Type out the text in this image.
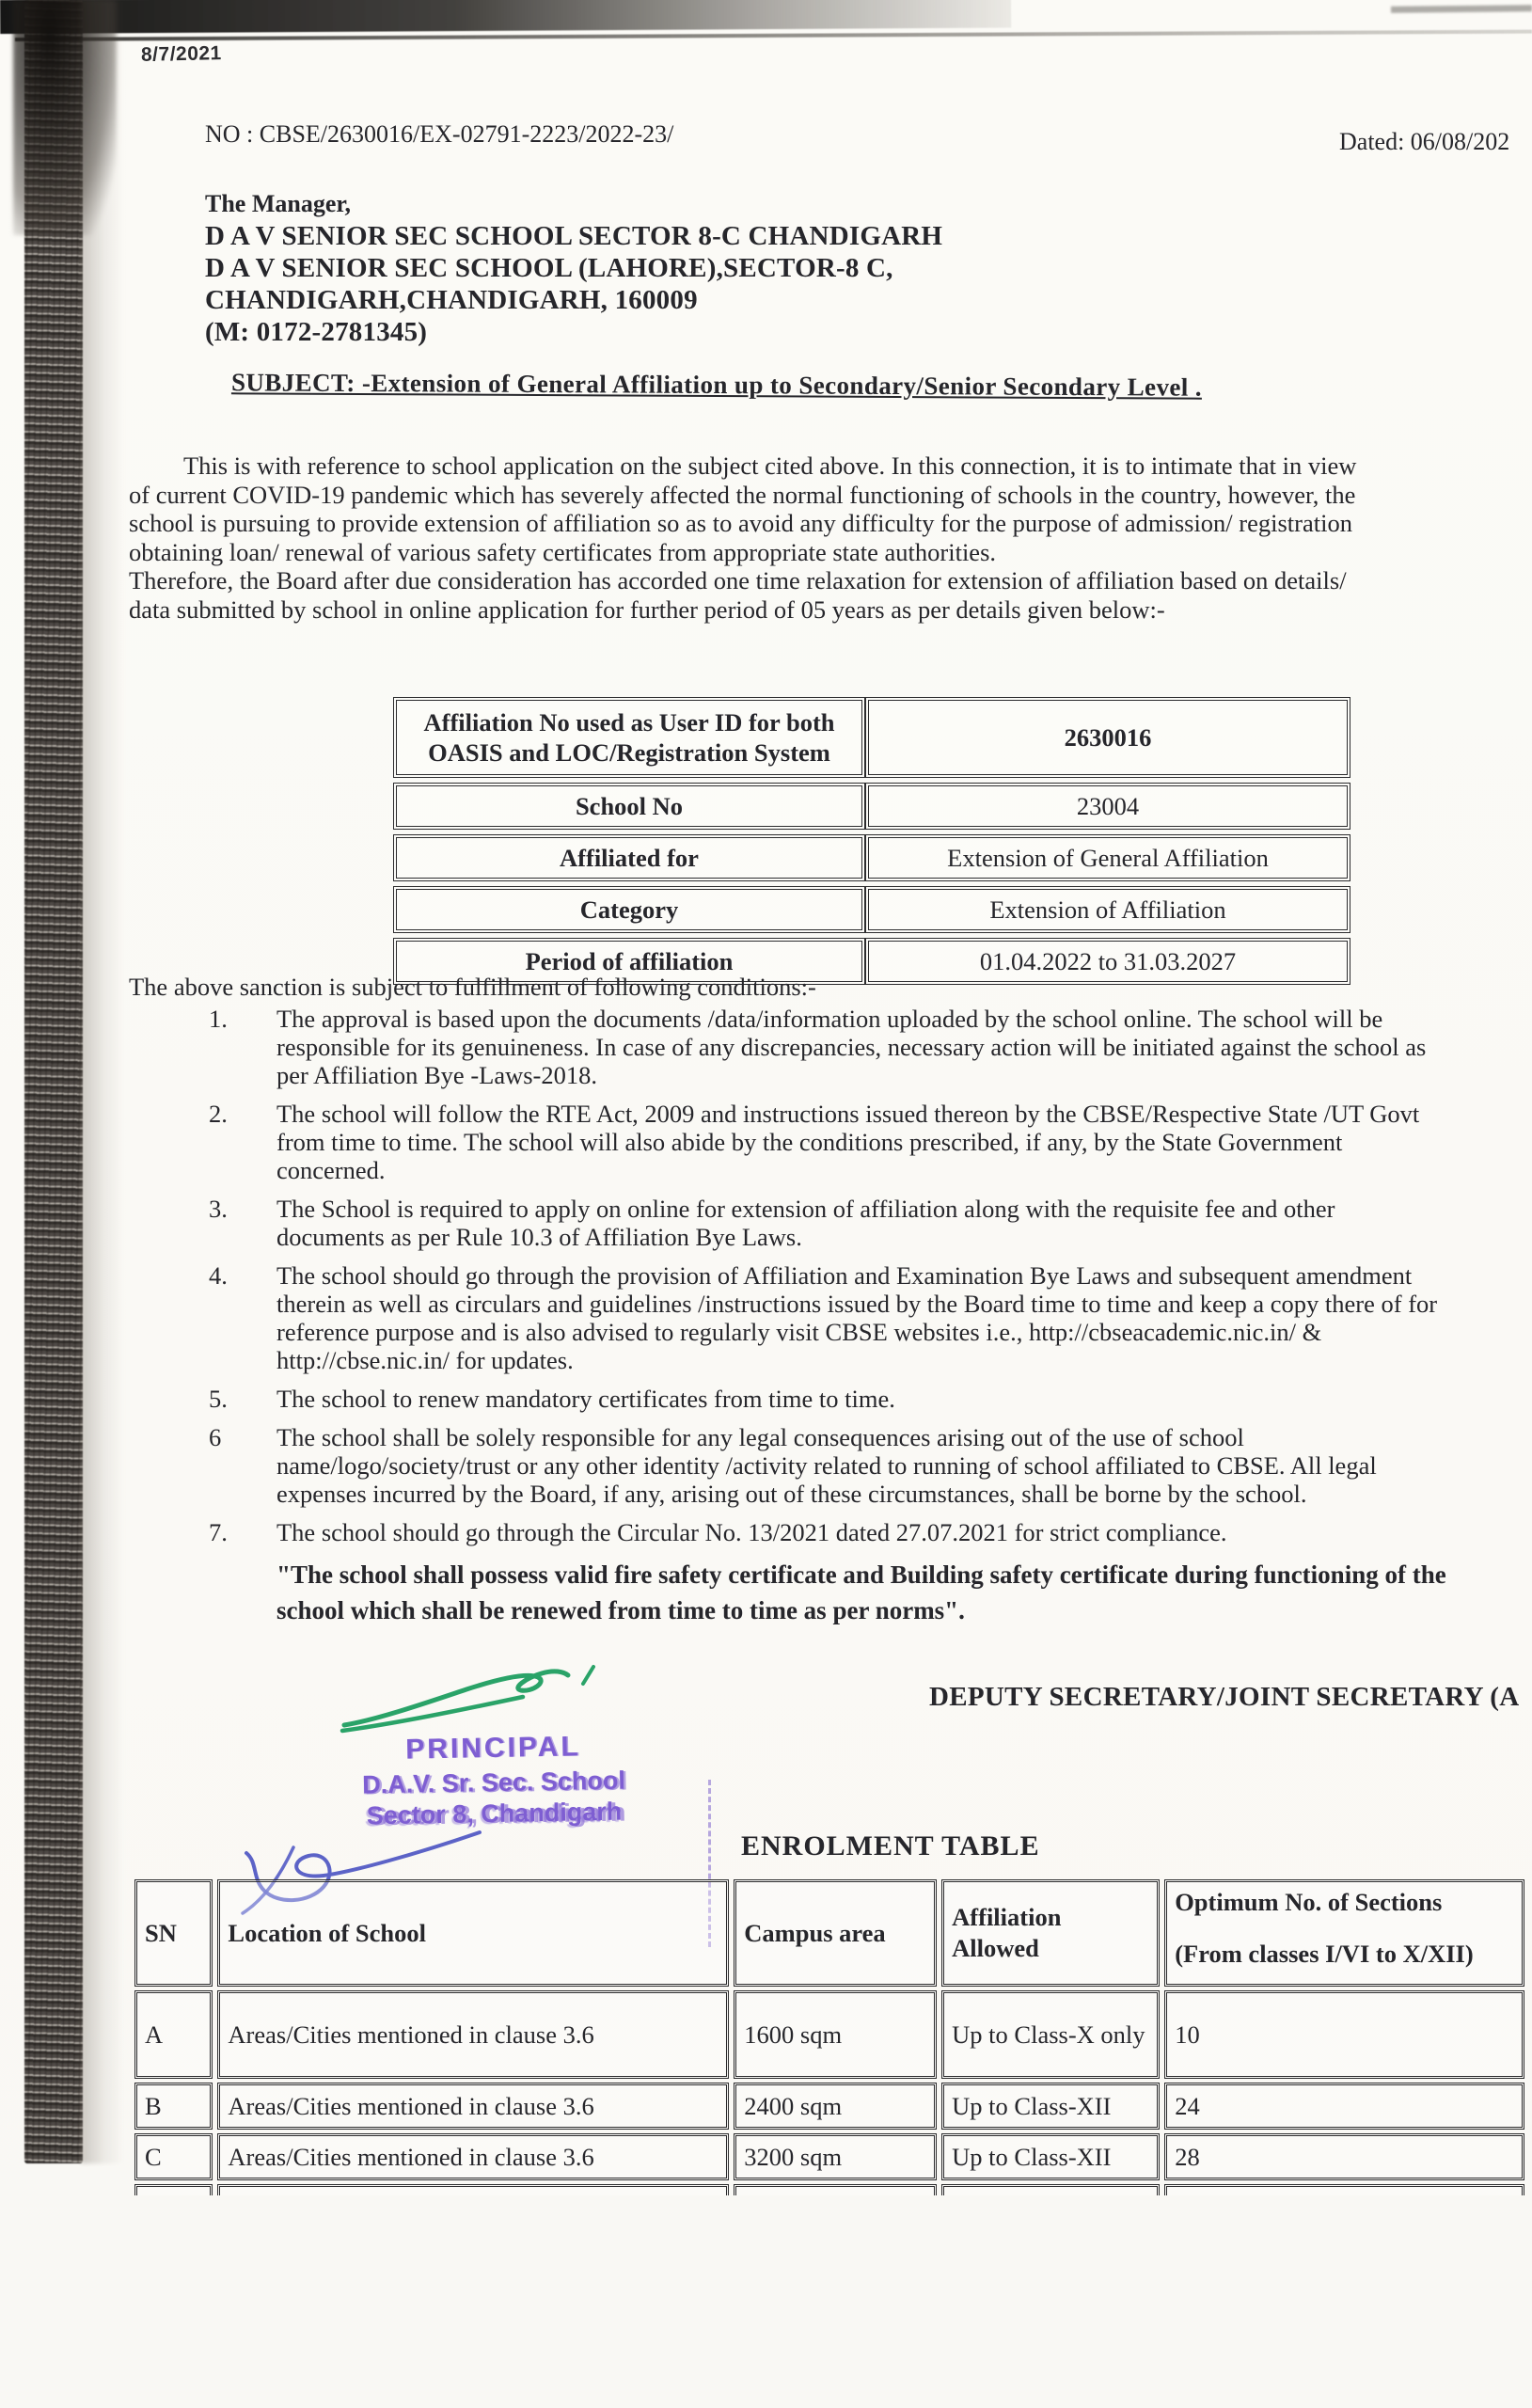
8/7/2021
NO : CBSE/2630016/EX-02791-2223/2022-23/	Dated: 06/08/202
The Manager,
D A V SENIOR SEC SCHOOL SECTOR 8-C CHANDIGARH
D A V SENIOR SEC SCHOOL (LAHORE),SECTOR-8 C,
CHANDIGARH,CHANDIGARH, 160009
(M: 0172-2781345)
SUBJECT: -Extension of General Affiliation up to Secondary/Senior Secondary Level .
This is with reference to school application on the subject cited above. In this connection, it is to intimate that in view
of current COVID-19 pandemic which has severely affected the normal functioning of schools in the country, however, the
school is pursuing to provide extension of affiliation so as to avoid any difficulty for the purpose of admission/ registration
obtaining loan/ renewal of various safety certificates from appropriate state authorities.
Therefore, the Board after due consideration has accorded one time relaxation for extension of affiliation based on details/
data submitted by school in online application for further period of 05 years as per details given below:-
Affiliation No used as User ID for both
OASIS and LOC/Registration System	2630016
School No	23004
Affiliated for	Extension of General Affiliation
Category	Extension of Affiliation
Period of affiliation	01.04.2022 to 31.03.2027
The above sanction is subject to fulfillment of following conditions:-
1.	The approval is based upon the documents /data/information uploaded by the school online. The school will be
responsible for its genuineness. In case of any discrepancies, necessary action will be initiated against the school as
per Affiliation Bye -Laws-2018.
2.	The school will follow the RTE Act, 2009 and instructions issued thereon by the CBSE/Respective State /UT Govt
from time to time. The school will also abide by the conditions prescribed, if any, by the State Government
concerned.
3.	The School is required to apply on online for extension of affiliation along with the requisite fee and other
documents as per Rule 10.3 of Affiliation Bye Laws.
4.	The school should go through the provision of Affiliation and Examination Bye Laws and subsequent amendment
therein as well as circulars and guidelines /instructions issued by the Board time to time and keep a copy there of for
reference purpose and is also advised to regularly visit CBSE websites i.e., http://cbseacademic.nic.in/ &
http://cbse.nic.in/ for updates.
5.	The school to renew mandatory certificates from time to time.
6	The school shall be solely responsible for any legal consequences arising out of the use of school
name/logo/society/trust or any other identity /activity related to running of school affiliated to CBSE. All legal
expenses incurred by the Board, if any, arising out of these circumstances, shall be borne by the school.
7.	The school should go through the Circular No. 13/2021 dated 27.07.2021 for strict compliance.
"The school shall possess valid fire safety certificate and Building safety certificate during functioning of the
school which shall be renewed from time to time as per norms".
DEPUTY SECRETARY/JOINT SECRETARY (A
PRINCIPAL
D.A.V. Sr. Sec. School
Sector 8, Chandigarh
ENROLMENT TABLE
SN	Location of School	Campus area	Affiliation Allowed	Optimum No. of Sections
(From classes I/VI to X/XII)

A	Areas/Cities mentioned in clause 3.6	1600 sqm	Up to Class-X only	10
B	Areas/Cities mentioned in clause 3.6	2400 sqm	Up to Class-XII	24
C	Areas/Cities mentioned in clause 3.6	3200 sqm	Up to Class-XII	28
